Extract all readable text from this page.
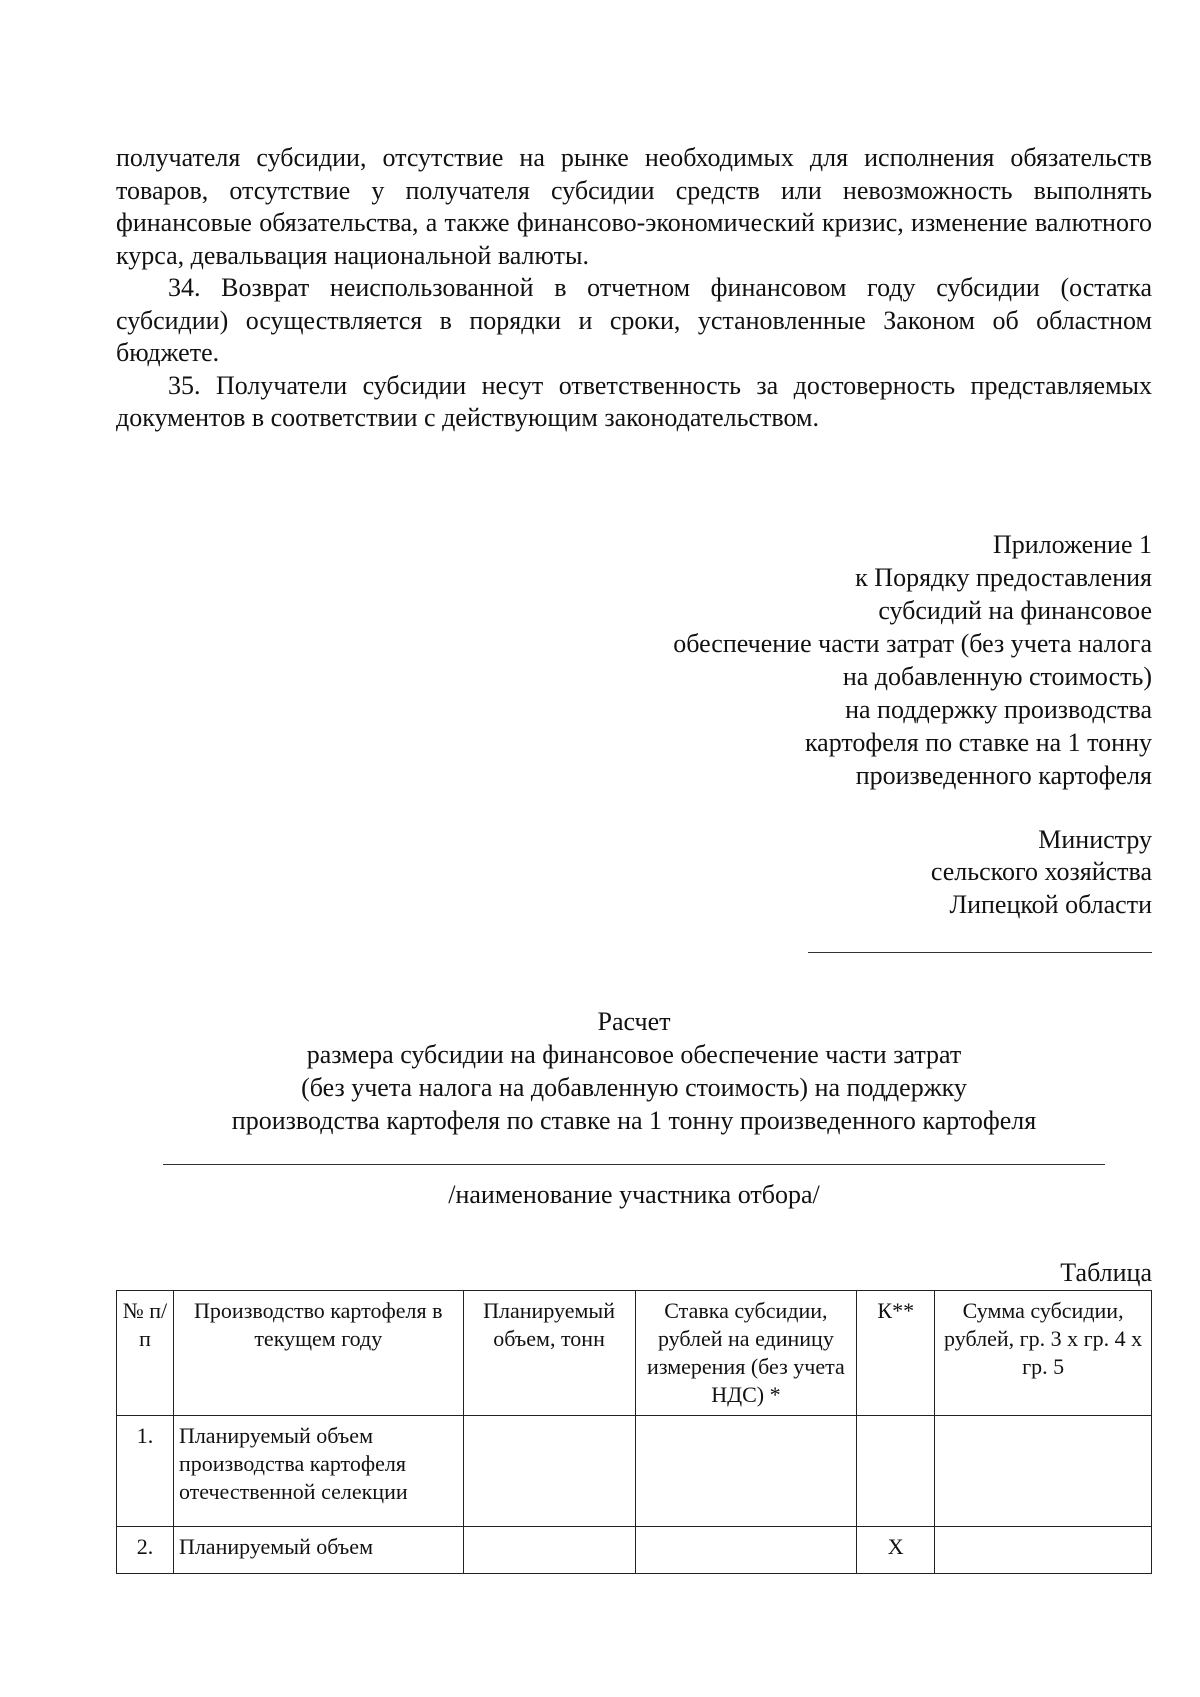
получателя субсидии, отсутствие на рынке необходимых для исполнения обязательств товаров, отсутствие у получателя субсидии средств или невозможность выполнять финансовые обязательства, а также финансово-экономический кризис, изменение валютного курса, девальвация национальной валюты.

34. Возврат неиспользованной в отчетном финансовом году субсидии (остатка субсидии) осуществляется в порядки и сроки, установленные Законом об областном бюджете.

35. Получатели субсидии несут ответственность за достоверность представляемых документов в соответствии с действующим законодательством.

Приложение 1
к Порядку предоставления
субсидий на финансовое
обеспечение части затрат (без учета налога
на добавленную стоимость)
на поддержку производства
картофеля по ставке на 1 тонну
произведенного картофеля
Министру
сельского хозяйства
Липецкой области
Расчет
размера субсидии на финансовое обеспечение части затрат
(без учета налога на добавленную стоимость) на поддержку
производства картофеля по ставке на 1 тонну произведенного картофеля
/наименование участника отбора/
Таблица
№ п/п	Производство картофеля в текущем году	Планируемый объем, тонн	Ставка субсидии, рублей на единицу измерения (без учета НДС) *	К**	Сумма субсидии, рублей, гр. 3 х гр. 4 х гр. 5
1.	Планируемый объем производства картофеля отечественной селекции				
2.	Планируемый объем			Х	
